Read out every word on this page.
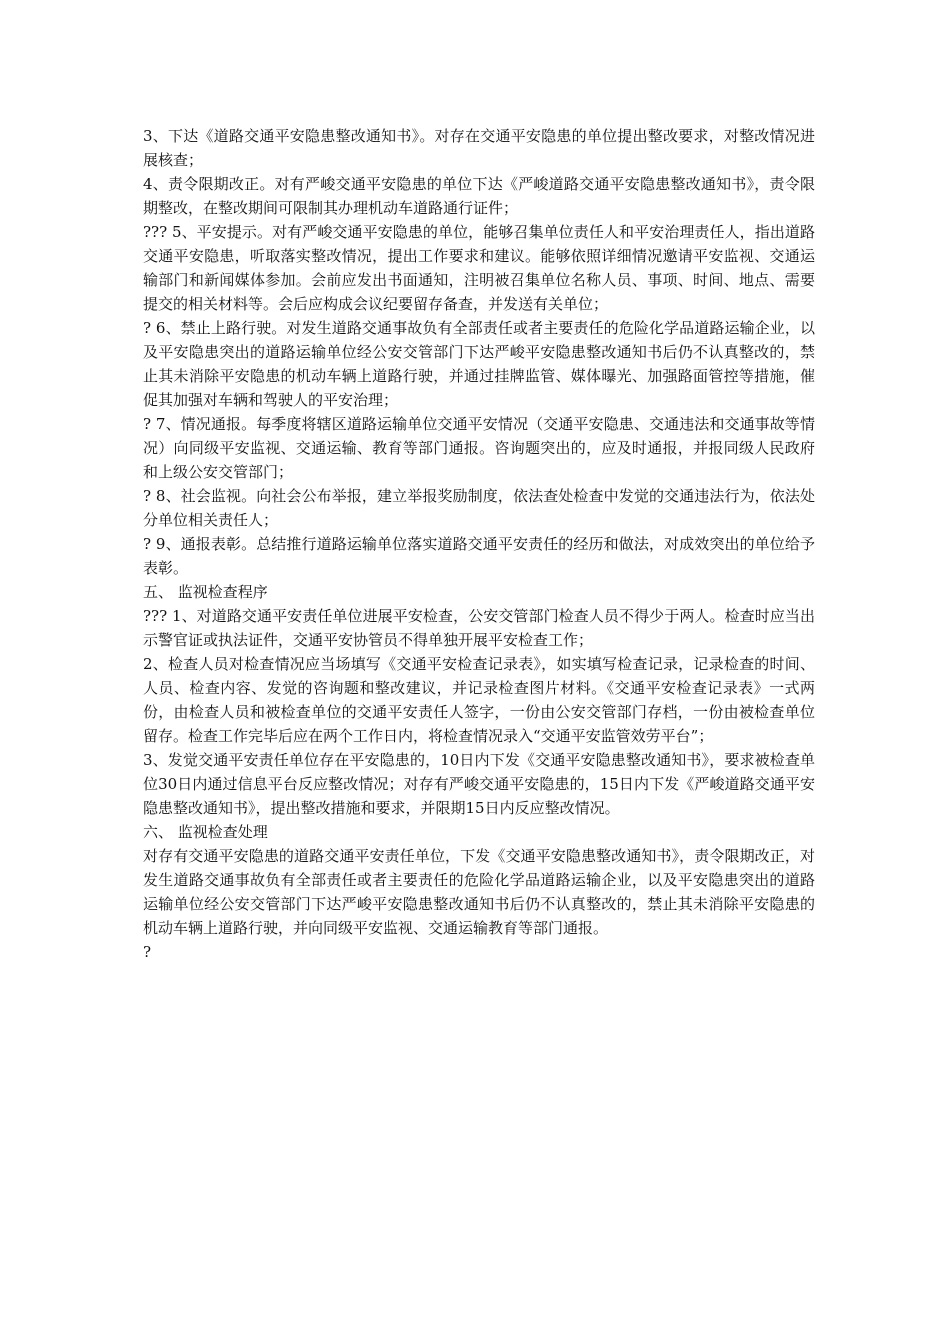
3、下达《道路交通平安隐患整改通知书》。对存在交通平安隐患的单位提出整改要求，对整改情况进展核查；

4、责令限期改正。对有严峻交通平安隐患的单位下达《严峻道路交通平安隐患整改通知书》，责令限期整改，在整改期间可限制其办理机动车道路通行证件；

??? 5、平安提示。对有严峻交通平安隐患的单位，能够召集单位责任人和平安治理责任人，指出道路交通平安隐患，听取落实整改情况，提出工作要求和建议。能够依照详细情况邀请平安监视、交通运输部门和新闻媒体参加。会前应发出书面通知，注明被召集单位名称人员、事项、时间、地点、需要提交的相关材料等。会后应构成会议纪要留存备查，并发送有关单位；

? 6、禁止上路行驶。对发生道路交通事故负有全部责任或者主要责任的危险化学品道路运输企业，以及平安隐患突出的道路运输单位经公安交管部门下达严峻平安隐患整改通知书后仍不认真整改的，禁止其未消除平安隐患的机动车辆上道路行驶，并通过挂牌监管、媒体曝光、加强路面管控等措施，催促其加强对车辆和驾驶人的平安治理；

? 7、情况通报。每季度将辖区道路运输单位交通平安情况（交通平安隐患、交通违法和交通事故等情况）向同级平安监视、交通运输、教育等部门通报。咨询题突出的，应及时通报，并报同级人民政府和上级公安交管部门；

? 8、社会监视。向社会公布举报，建立举报奖励制度，依法查处检查中发觉的交通违法行为，依法处分单位相关责任人；

? 9、通报表彰。总结推行道路运输单位落实道路交通平安责任的经历和做法，对成效突出的单位给予表彰。

五、 监视检查程序

??? 1、对道路交通平安责任单位进展平安检查，公安交管部门检查人员不得少于两人。检查时应当出示警官证或执法证件，交通平安协管员不得单独开展平安检查工作；

2、检查人员对检查情况应当场填写《交通平安检查记录表》，如实填写检查记录，记录检查的时间、人员、检查内容、发觉的咨询题和整改建议，并记录检查图片材料。《交通平安检查记录表》一式两份，由检查人员和被检查单位的交通平安责任人签字，一份由公安交管部门存档，一份由被检查单位留存。检查工作完毕后应在两个工作日内，将检查情况录入“交通平安监管效劳平台”；

3、发觉交通平安责任单位存在平安隐患的，10日内下发《交通平安隐患整改通知书》，要求被检查单位30日内通过信息平台反应整改情况；对存有严峻交通平安隐患的，15日内下发《严峻道路交通平安隐患整改通知书》，提出整改措施和要求，并限期15日内反应整改情况。

六、 监视检查处理

对存有交通平安隐患的道路交通平安责任单位，下发《交通平安隐患整改通知书》，责令限期改正，对发生道路交通事故负有全部责任或者主要责任的危险化学品道路运输企业，以及平安隐患突出的道路运输单位经公安交管部门下达严峻平安隐患整改通知书后仍不认真整改的，禁止其未消除平安隐患的机动车辆上道路行驶，并向同级平安监视、交通运输教育等部门通报。

?
